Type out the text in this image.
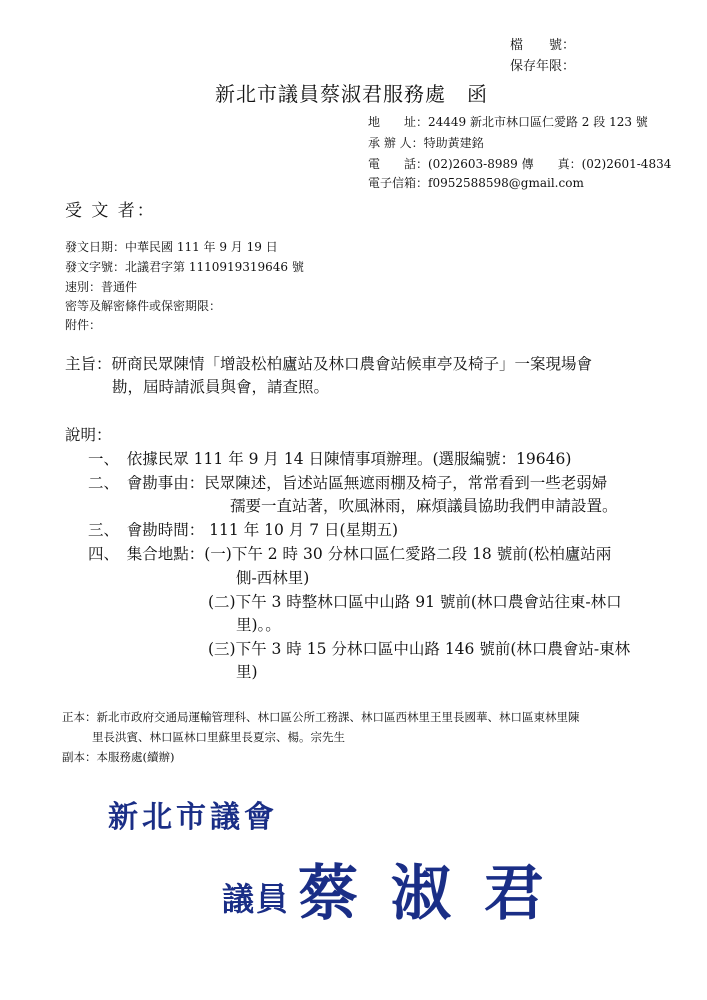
檔　　號：
保存年限：
新北市議員蔡淑君服務處　函
地　　址：24449 新北市林口區仁愛路 2 段 123 號
承 辦 人：特助黃建銘
電　　話：(02)2603-8989 傳　　真：(02)2601-4834
電子信箱：f0952588598@gmail.com
受 文 者：
發文日期：中華民國 111 年 9 月 19 日
發文字號：北議君字第 1110919319646 號
速別：普通件
密等及解密條件或保密期限：
附件：
主旨：研商民眾陳情「增設松柏廬站及林口農會站候車亭及椅子」一案現場會
勘，屆時請派員與會，請查照。
說明：
一、　依據民眾 111 年 9 月 14 日陳情事項辦理。(選服編號：19646)
二、　會勘事由：民眾陳述，旨述站區無遮雨棚及椅子，常常看到一些老弱婦
孺要一直站著，吹風淋雨，麻煩議員協助我們申請設置。
三、　會勘時間： 111 年 10 月 7 日(星期五)
四、　集合地點：(一)下午 2 時 30 分林口區仁愛路二段 18 號前(松柏廬站兩
側-西林里)
(二)下午 3 時整林口區中山路 91 號前(林口農會站往東-林口
里)。。
(三)下午 3 時 15 分林口區中山路 146 號前(林口農會站-東林
里)
正本：新北市政府交通局運輸管理科、林口區公所工務課、林口區西林里王里長國華、林口區東林里陳
里長洪賓、林口區林口里蘇里長夏宗、楊。宗先生
副本：本服務處(續辦)
新北市議會
議員 蔡 淑 君
